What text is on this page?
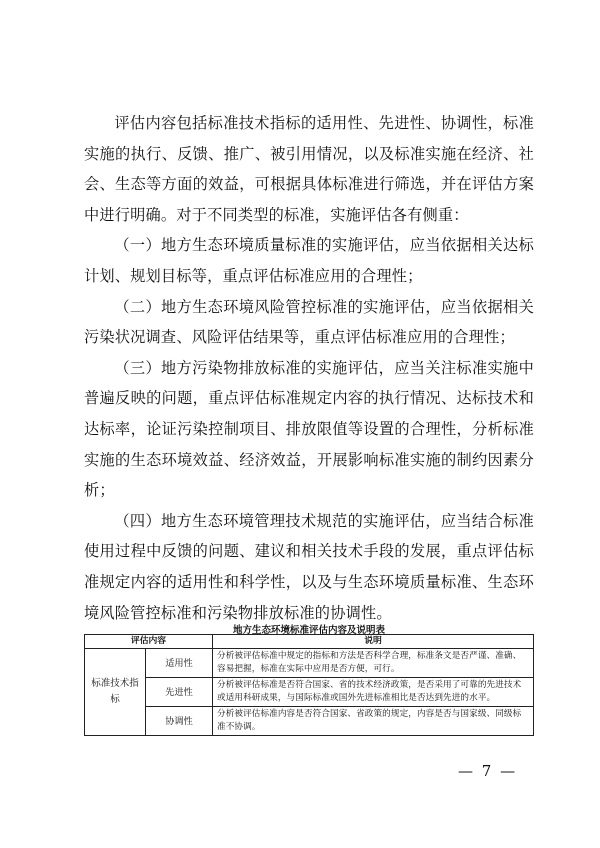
评估内容包括标准技术指标的适用性、先进性、协调性，标准实施的执行、反馈、推广、被引用情况，以及标准实施在经济、社会、生态等方面的效益，可根据具体标准进行筛选，并在评估方案中进行明确。对于不同类型的标准，实施评估各有侧重：

（一）地方生态环境质量标准的实施评估，应当依据相关达标计划、规划目标等，重点评估标准应用的合理性；

（二）地方生态环境风险管控标准的实施评估，应当依据相关污染状况调查、风险评估结果等，重点评估标准应用的合理性；

（三）地方污染物排放标准的实施评估，应当关注标准实施中普遍反映的问题，重点评估标准规定内容的执行情况、达标技术和达标率，论证污染控制项目、排放限值等设置的合理性，分析标准实施的生态环境效益、经济效益，开展影响标准实施的制约因素分析；

（四）地方生态环境管理技术规范的实施评估，应当结合标准使用过程中反馈的问题、建议和相关技术手段的发展，重点评估标准规定内容的适用性和科学性，以及与生态环境质量标准、生态环境风险管控标准和污染物排放标准的协调性。

地方生态环境标准评估内容及说明表
评估内容		说明
标准技术指标	适用性	分析被评估标准中规定的指标和方法是否科学合理，标准条文是否严谨、准确、容易把握，标准在实际中应用是否方便，可行。
	先进性	分析被评估标准是否符合国家、省的技术经济政策，是否采用了可靠的先进技术或适用科研成果，与国际标准或国外先进标准相比是否达到先进的水平。
	协调性	分析被评估标准内容是否符合国家、省政策的规定，内容是否与国家级、同级标准不协调。
— 7 —
